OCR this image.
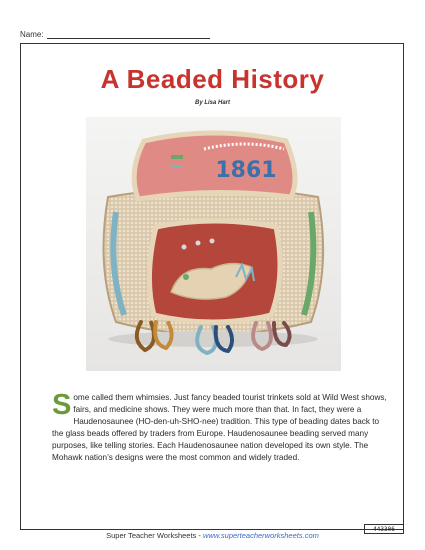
Name:
A Beaded History
By Lisa Hart
1861
S ome called them whimsies. Just fancy beaded tourist trinkets sold at Wild West shows, fairs, and medicine shows. They were much more than that. In fact, they were a Haudenosaunee (HO-den-uh-SHO-nee) tradition. This type of beading dates back to the glass beads offered by traders from Europe. Haudenosaunee beading served many purposes, like telling stories. Each Haudenosaunee nation developed its own style. The Mohawk nation’s designs were the most common and widely traded.
Super Teacher Worksheets - www.superteacherworksheets.com
443306
